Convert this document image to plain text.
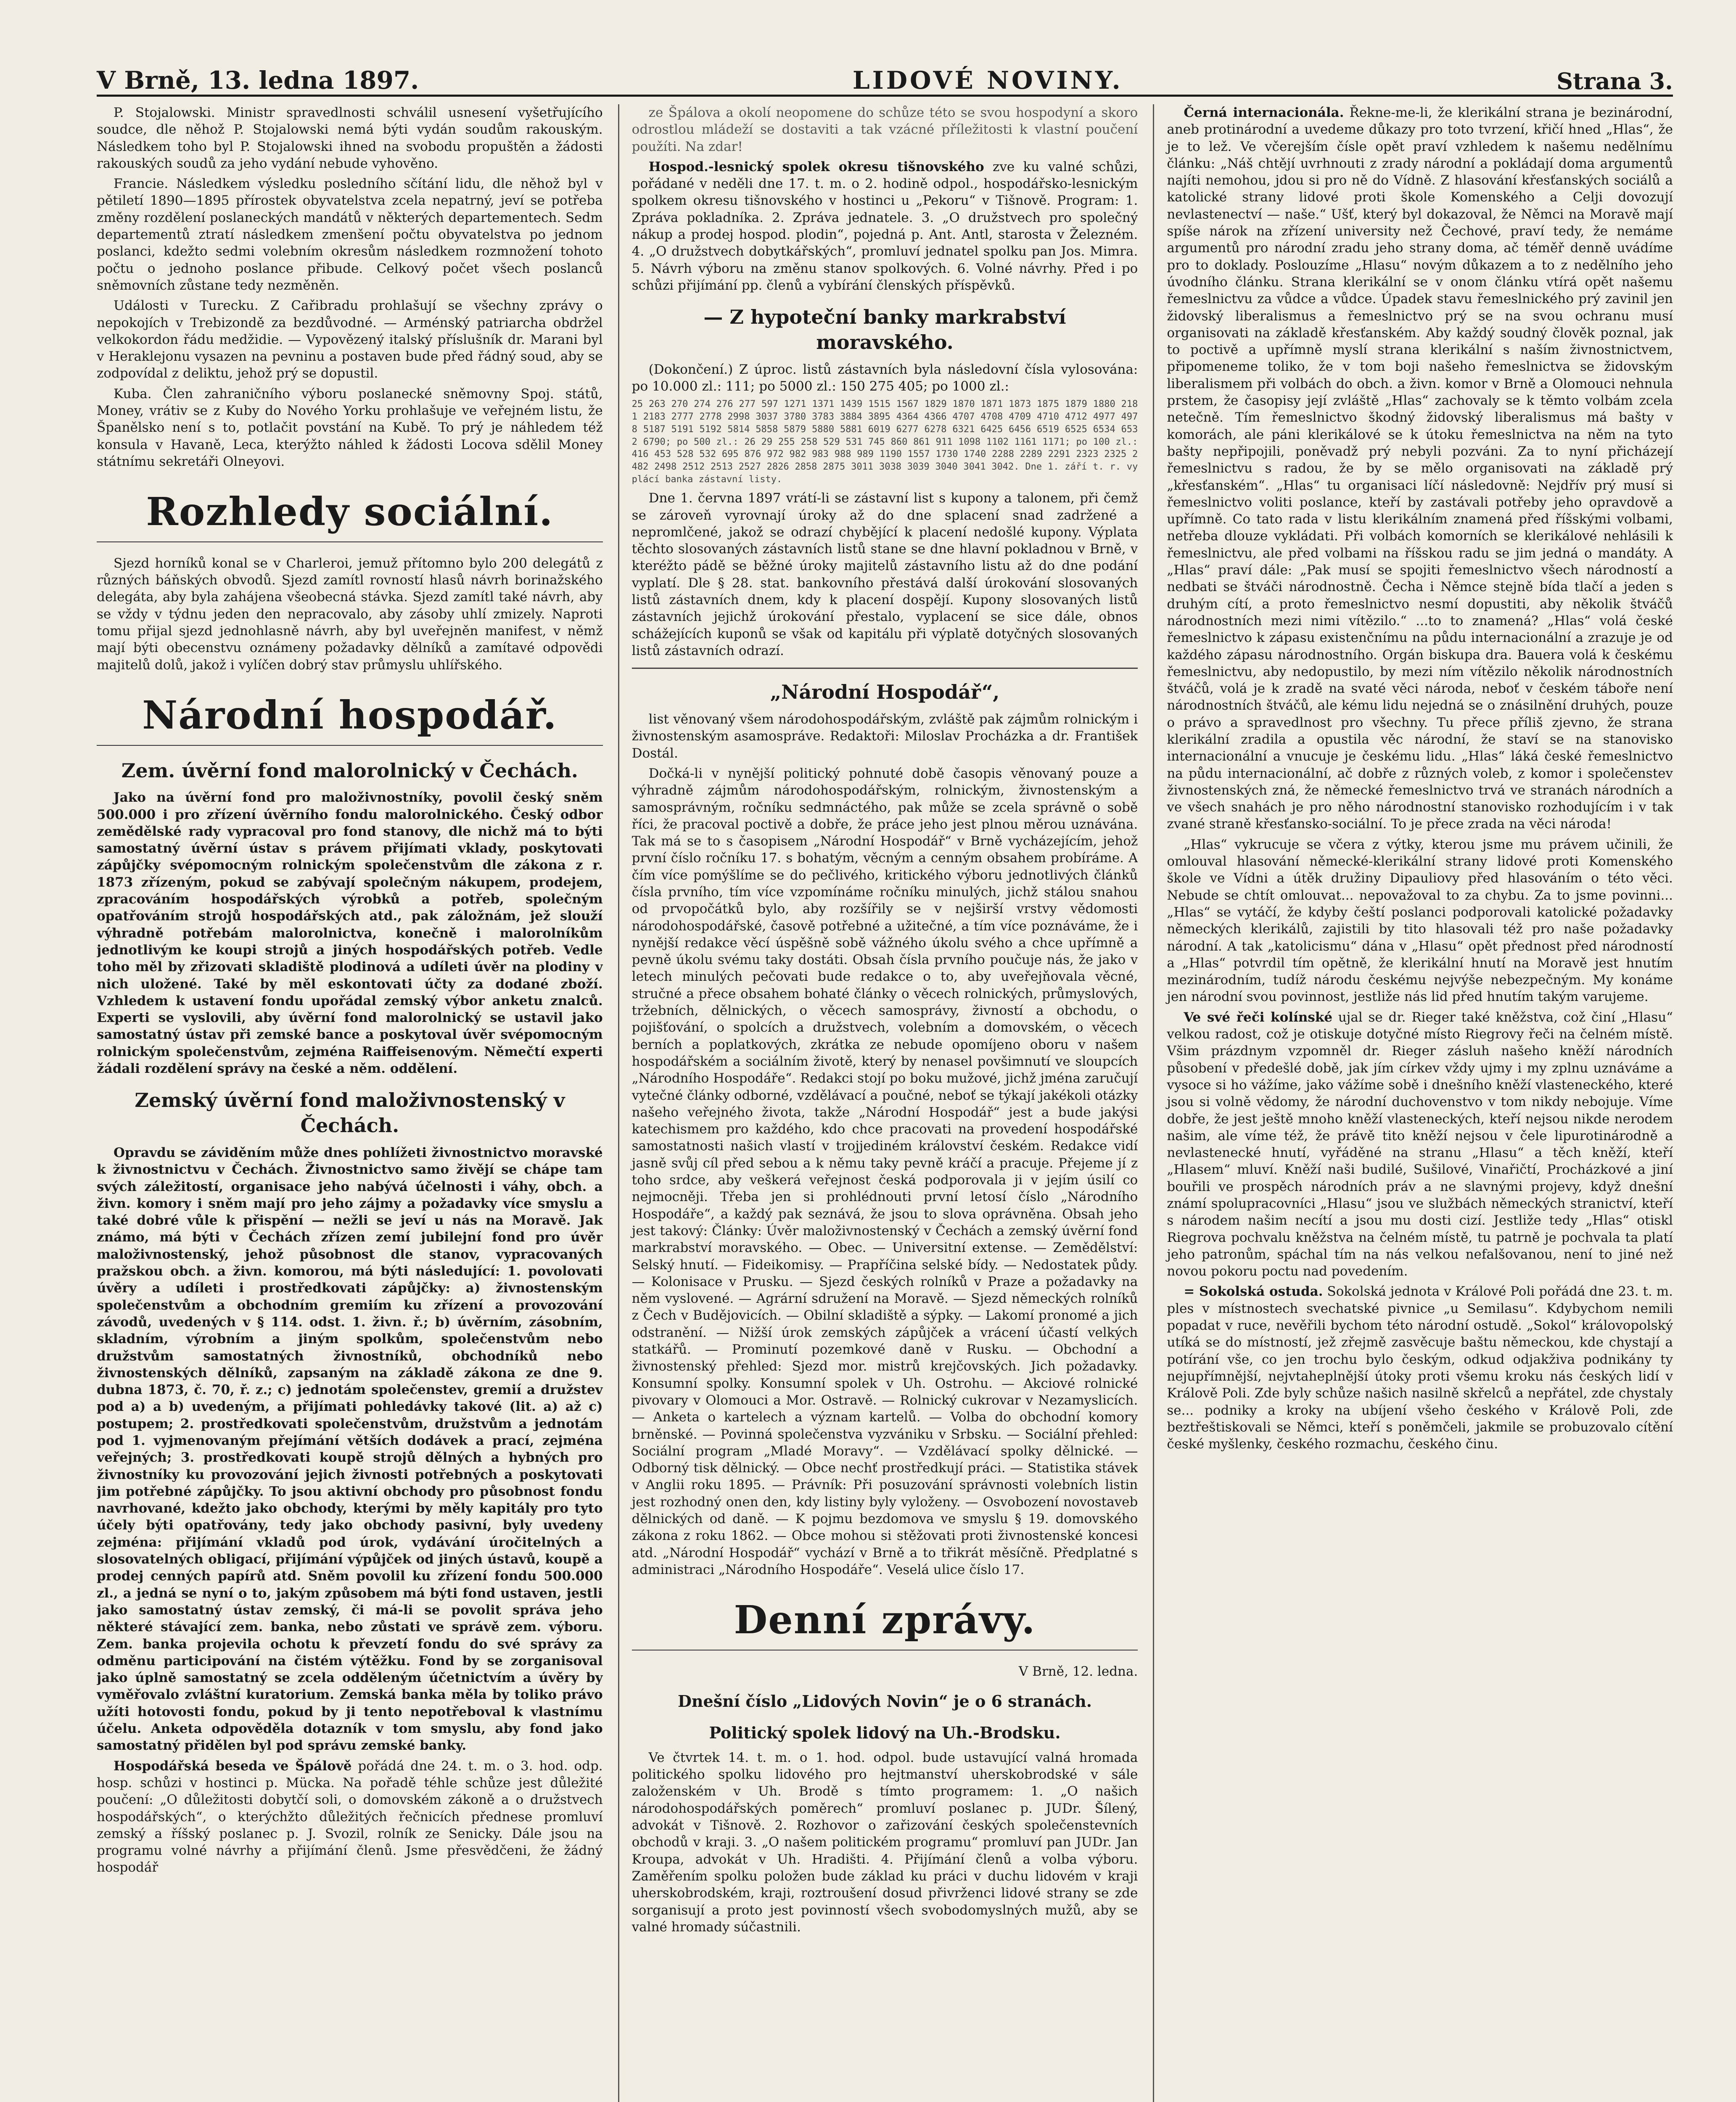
V Brně, 13. ledna 1897.	LIDOVÉ NOVINY.	Strana 3.

P. Stojalowski. Ministr spravedlnosti schválil usnesení vyšetřujícího soudce, dle něhož P. Stojalowski nemá býti vydán soudům rakouským. Následkem toho byl P. Stojalowski ihned na svobodu propuštěn a žádosti rakouských soudů za jeho vydání nebude vyhověno.

Francie. Následkem výsledku posledního sčítání lidu, dle něhož byl v pětiletí 1890—1895 přírostek obyvatelstva zcela nepatrný, jeví se potřeba změny rozdělení poslaneckých mandátů v některých departementech. Sedm departementů ztratí následkem zmenšení počtu obyvatelstva po jednom poslanci, kdežto sedmi volebním okresům následkem rozmnožení tohoto počtu o jednoho poslance přibude. Celkový počet všech poslanců sněmovních zůstane tedy nezměněn.

Události v Turecku. Z Cařibradu prohlašují se všechny zprávy o nepokojích v Trebizondě za bezdůvodné. — Arménský patriarcha obdržel velkokordon řádu medžidie. — Vypovězený italský příslušník dr. Marani byl v Heraklejonu vysazen na pevninu a postaven bude před řádný soud, aby se zodpovídal z deliktu, jehož prý se dopustil.

Kuba. Člen zahraničního výboru poslanecké sněmovny Spoj. států, Money, vrátiv se z Kuby do Nového Yorku prohlašuje ve veřejném listu, že Španělsko není s to, potlačit povstání na Kubě. To prý je náhledem též konsula v Havaně, Leca, kterýžto náhled k žádosti Locova sdělil Money státnímu sekretáři Olneyovi.

Rozhledy sociální.

Sjezd horníků konal se v Charleroi, jemuž přítomno bylo 200 delegátů z různých báňských obvodů. Sjezd zamítl rovností hlasů návrh borinažského delegáta, aby byla zahájena všeobecná stávka. Sjezd zamítl také návrh, aby se vždy v týdnu jeden den nepracovalo, aby zásoby uhlí zmizely. Naproti tomu přijal sjezd jednohlasně návrh, aby byl uveřejněn manifest, v němž mají býti obecenstvu oznámeny požadavky dělníků a zamítavé odpovědi majitelů dolů, jakož i vylíčen dobrý stav průmyslu uhlířského.

Národní hospodář.
Zem. úvěrní fond malorolnický v Čechách.

Jako na úvěrní fond pro maloživnostníky, povolil český sněm 500.000 i pro zřízení úvěrního fondu malorolnického. Český odbor zemědělské rady vypracoval pro fond stanovy, dle nichž má to býti samostatný úvěrní ústav s právem přijímati vklady, poskytovati zápůjčky svépomocným rolnickým společenstvům dle zákona z r. 1873 zřízeným, pokud se zabývají společným nákupem, prodejem, zpracováním hospodářských výrobků a potřeb, společným opatřováním strojů hospodářských atd., pak záložnám, jež slouží výhradně potřebám malorolnictva, konečně i malorolníkům jednotlivým ke koupi strojů a jiných hospodářských potřeb. Vedle toho měl by zřizovati skladiště plodinová a udíleti úvěr na plodiny v nich uložené. Také by měl eskontovati účty za dodané zboží. Vzhledem k ustavení fondu upořádal zemský výbor anketu znalců. Experti se vyslovili, aby úvěrní fond malorolnický se ustavil jako samostatný ústav při zemské bance a poskytoval úvěr svépomocným rolnickým společenstvům, zejména Raiffeisenovým. Němečtí experti žádali rozdělení správy na české a něm. oddělení.

Zemský úvěrní fond maloživnostenský v Čechách.

Opravdu se záviděním může dnes pohlížeti živnostnictvo moravské k živnostnictvu v Čechách. Živnostnictvo samo živějí se chápe tam svých záležitostí, organisace jeho nabývá účelnosti i váhy, obch. a živn. komory i sněm mají pro jeho zájmy a požadavky více smyslu a také dobré vůle k přispění — nežli se jeví u nás na Moravě. Jak známo, má býti v Čechách zřízen zemí jubilejní fond pro úvěr maloživnostenský, jehož působnost dle stanov, vypracovaných pražskou obch. a živn. komorou, má býti následující: 1. povolovati úvěry a udíleti i prostředkovati zápůjčky: a) živnostenským společenstvům a obchodním gremiím ku zřízení a provozování závodů, uvedených v § 114. odst. 1. živn. ř.; b) úvěrním, zásobním, skladním, výrobním a jiným spolkům, společenstvům nebo družstvům samostatných živnostníků, obchodníků nebo živnostenských dělníků, zapsaným na základě zákona ze dne 9. dubna 1873, č. 70, ř. z.; c) jednotám společenstev, gremií a družstev pod a) a b) uvedeným, a přijímati pohledávky takové (lit. a) až c) postupem; 2. prostředkovati společenstvům, družstvům a jednotám pod 1. vyjmenovaným přejímání větších dodávek a prací, zejména veřejných; 3. prostředkovati koupě strojů dělných a hybných pro živnostníky ku provozování jejich živnosti potřebných a poskytovati jim potřebné zápůjčky. To jsou aktivní obchody pro působnost fondu navrhované, kdežto jako obchody, kterými by měly kapitály pro tyto účely býti opatřovány, tedy jako obchody pasivní, byly uvedeny zejména: přijímání vkladů pod úrok, vydávání úročitelných a slosovatelných obligací, přijímání výpůjček od jiných ústavů, koupě a prodej cenných papírů atd. Sněm povolil ku zřízení fondu 500.000 zl., a jedná se nyní o to, jakým způsobem má býti fond ustaven, jestli jako samostatný ústav zemský, či má-li se povolit správa jeho některé stávající zem. banka, nebo zůstati ve správě zem. výboru. Zem. banka projevila ochotu k převzetí fondu do své správy za odměnu participování na čistém výtěžku. Fond by se zorganisoval jako úplně samostatný se zcela odděleným účetnictvím a úvěry by vyměřovalo zvláštní kuratorium. Zemská banka měla by toliko právo užíti hotovosti fondu, pokud by ji tento nepotřeboval k vlastnímu účelu. Anketa odpověděla dotazník v tom smyslu, aby fond jako samostatný přidělen byl pod správu zemské banky.

Hospodářská beseda ve Špálově pořádá dne 24. t. m. o 3. hod. odp. hosp. schůzi v hostinci p. Mücka. Na pořadě téhle schůze jest důležité poučení: „O důležitosti dobytčí soli, o domovském zákoně a o družstvech hospodářských“, o kterýchžto důležitých řečnicích přednese promluví zemský a říšský poslanec p. J. Svozil, rolník ze Senicky. Dále jsou na programu volné návrhy a přijímání členů. Jsme přesvědčeni, že žádný hospodář

ze Špálova a okolí neopomene do schůze této se svou hospodyní a skoro odrostlou mládeží se dostaviti a tak vzácné příležitosti k vlastní poučení použíti. Na zdar!

Hospod.-lesnický spolek okresu tišnovského zve ku valné schůzi, pořádané v neděli dne 17. t. m. o 2. hodině odpol., hospodářsko-lesnickým spolkem okresu tišnovského v hostinci u „Pekoru“ v Tišnově. Program: 1. Zpráva pokladníka. 2. Zpráva jednatele. 3. „O družstvech pro společný nákup a prodej hospod. plodin“, pojedná p. Ant. Antl, starosta v Železném. 4. „O družstvech dobytkářských“, promluví jednatel spolku pan Jos. Mimra. 5. Návrh výboru na změnu stanov spolkových. 6. Volné návrhy. Před i po schůzi přijímání pp. členů a vybírání členských příspěvků.

— Z hypoteční banky markrabství moravského.

(Dokončení.) Z úproc. listů zástavních byla následovní čísla vylosována: po 10.000 zl.: 111; po 5000 zl.: 150 275 405; po 1000 zl.:

25 263 270 274 276 277 597 1271 1371 1439 1515 1567 1829 1870 1871 1873 1875 1879 1880 2181 2183 2777 2778 2998 3037 3780 3783 3884 3895 4364 4366 4707 4708 4709 4710 4712 4977 4978 5187 5191 5192 5814 5858 5879 5880 5881 6019 6277 6278 6321 6425 6456 6519 6525 6534 6532 6790; po 500 zl.: 26 29 255 258 529 531 745 860 861 911 1098 1102 1161 1171; po 100 zl.: 416 453 528 532 695 876 972 982 983 988 989 1190 1557 1730 1740 2288 2289 2291 2323 2325 2482 2498 2512 2513 2527 2826 2858 2875 3011 3038 3039 3040 3041 3042. Dne 1. září t. r. vyplácí banka zástavní listy.

Dne 1. června 1897 vrátí-li se zástavní list s kupony a talonem, při čemž se zároveň vyrovnají úroky až do dne splacení snad zadržené a nepromlčené, jakož se odrazí chybějící k placení nedošlé kupony. Výplata těchto slosovaných zástavních listů stane se dne hlavní pokladnou v Brně, v kteréžto pádě se běžné úroky majitelů zástavního listu až do dne podání vyplatí. Dle § 28. stat. bankovního přestává další úrokování slosovaných listů zástavních dnem, kdy k placení dospějí. Kupony slosovaných listů zástavních jejichž úrokování přestalo, vyplacení se sice dále, obnos schážejících kuponů se však od kapitálu při výplatě dotyčných slosovaných listů zástavních odrazí.

„Národní Hospodář“,

list věnovaný všem národohospodářským, zvláště pak zájmům rolnickým i živnostenským asamospráve. Redaktoři: Miloslav Procházka a dr. František Dostál.

Dočká-li v nynější politický pohnuté době časopis věnovaný pouze a výhradně zájmům národohospodářským, rolnickým, živnostenským a samosprávným, ročníku sedmnáctého, pak může se zcela správně o sobě říci, že pracoval poctivě a dobře, že práce jeho jest plnou měrou uznávána. Tak má se to s časopisem „Národní Hospodář“ v Brně vycházejícím, jehož první číslo ročníku 17. s bohatým, věcným a cenným obsahem probíráme. A čím více pomýšlíme se do pečlivého, kritického výboru jednotlivých článků čísla prvního, tím více vzpomínáme ročníku minulých, jichž stálou snahou od prvopočátků bylo, aby rozšířily se v nejširší vrstvy vědomosti národohospodářské, časově potřebné a užitečné, a tím více poznáváme, že i nynější redakce věcí úspěšně sobě vážného úkolu svého a chce upřímně a pevně úkolu svému taky dostáti. Obsah čísla prvního poučuje nás, že jako v letech minulých pečovati bude redakce o to, aby uveřejňovala věcné, stručné a přece obsahem bohaté články o věcech rolnických, průmyslových, tržebních, dělnických, o věcech samosprávy, živností a obchodu, o pojišťování, o spolcích a družstvech, volebním a domovském, o věcech berních a poplatkových, zkrátka ze nebude opomíjeno oboru v našem hospodářském a sociálním životě, který by nenasel povšimnutí ve sloupcích „Národního Hospodáře“. Redakci stojí po boku mužové, jichž jména zaručují vytečné články odborné, vzdělávací a poučné, neboť se týkají jakékoli otázky našeho veřejného života, takže „Národní Hospodář“ jest a bude jakýsi katechismem pro každého, kdo chce pracovati na provedení hospodářské samostatnosti našich vlastí v trojjediném království českém. Redakce vidí jasně svůj cíl před sebou a k němu taky pevně kráčí a pracuje. Přejeme jí z toho srdce, aby veškerá veřejnost česká podporovala ji v jejím úsilí co nejmocněji. Třeba jen si prohlédnouti první letosí číslo „Národního Hospodáře“, a každý pak seznává, že jsou to slova oprávněna. Obsah jeho jest takový: Články: Úvěr maloživnostenský v Čechách a zemský úvěrní fond markrabství moravského. — Obec. — Universitní extense. — Zemědělství: Selský hnutí. — Fideikomisy. — Prapříčina selské bídy. — Nedostatek půdy. — Kolonisace v Prusku. — Sjezd českých rolníků v Praze a požadavky na něm vyslovené. — Agrární sdružení na Moravě. — Sjezd německých rolníků z Čech v Budějovicích. — Obilní skladiště a sýpky. — Lakomí pronomé a jich odstranění. — Nižší úrok zemských zápůjček a vrácení účastí velkých statkářů. — Prominutí pozemkové daně v Rusku. — Obchodní a živnostenský přehled: Sjezd mor. mistrů krejčovských. Jich požadavky. Konsumní spolky. Konsumní spolek v Uh. Ostrohu. — Akciové rolnické pivovary v Olomouci a Mor. Ostravě. — Rolnický cukrovar v Nezamyslicích. — Anketa o kartelech a význam kartelů. — Volba do obchodní komory brněnské. — Povinná společenstva vyzvániku v Srbsku. — Sociální přehled: Sociální program „Mladé Moravy“. — Vzdělávací spolky dělnické. — Odborný tisk dělnický. — Obce nechť prostředkují práci. — Statistika stávek v Anglii roku 1895. — Právník: Při posuzování správnosti volebních listin jest rozhodný onen den, kdy listiny byly vyloženy. — Osvobození novostaveb dělnických od daně. — K pojmu bezdomova ve smyslu § 19. domovského zákona z roku 1862. — Obce mohou si stěžovati proti živnostenské koncesi atd. „Národní Hospodář“ vychází v Brně a to třikrát měsíčně. Předplatné s administraci „Národního Hospodáře“. Veselá ulice číslo 17.

Denní zprávy.

V Brně, 12. ledna.

Dnešní číslo „Lidových Novin“ je o 6 stranách.
Politický spolek lidový na Uh.-Brodsku.

Ve čtvrtek 14. t. m. o 1. hod. odpol. bude ustavující valná hromada politického spolku lidového pro hejtmanství uherskobrodské v sále založenském v Uh. Brodě s tímto programem: 1. „O našich národohospodářských poměrech“ promluví poslanec p. JUDr. Šílený, advokát v Tišnově. 2. Rozhovor o zařizování českých společenstevních obchodů v kraji. 3. „O našem politickém programu“ promluví pan JUDr. Jan Kroupa, advokát v Uh. Hradišti. 4. Přijímání členů a volba výboru. Zaměřením spolku položen bude základ ku práci v duchu lidovém v kraji uherskobrodském, kraji, roztroušení dosud přivrženci lidové strany se zde sorganisují a proto jest povinností všech svobodomyslných mužů, aby se valné hromady súčastnili.

Černá internacionála. Řekne-me-li, že klerikální strana je bezinárodní, aneb protinárodní a uvedeme důkazy pro toto tvrzení, křičí hned „Hlas“, že je to lež. Ve včerejším čísle opět praví vzhledem k našemu nedělnímu článku: „Náš chtějí uvrhnouti z zrady národní a pokládají doma argumentů najíti nemohou, jdou si pro ně do Vídně. Z hlasování křesťanských sociálů a katolické strany lidové proti škole Komenského a Celji dovozují nevlastenectví — naše.“ Ušť, který byl dokazoval, že Němci na Moravě mají spíše nárok na zřízení university než Čechové, praví tedy, že nemáme argumentů pro národní zradu jeho strany doma, ač téměř denně uvádíme pro to doklady. Poslouzíme „Hlasu“ novým důkazem a to z nedělního jeho úvodního článku. Strana klerikální se v onom článku vtírá opět našemu řemeslnictvu za vůdce a vůdce. Úpadek stavu řemeslnického prý zavinil jen židovský liberalismus a řemeslnictvo prý se na svou ochranu musí organisovati na základě křesťanském. Aby každý soudný člověk poznal, jak to poctivě a upřímně myslí strana klerikální s naším živnostnictvem, připomeneme toliko, že v tom boji našeho řemeslnictva se židovským liberalismem při volbách do obch. a živn. komor v Brně a Olomouci nehnula prstem, že časopisy její zvláště „Hlas“ zachovaly se k těmto volbám zcela netečně. Tím řemeslnictvo škodný židovský liberalismus má bašty v komorách, ale páni klerikálové se k útoku řemeslnictva na něm na tyto bašty nepřipojili, poněvadž prý nebyli pozváni. Za to nyní přicházejí řemeslnictvu s radou, že by se mělo organisovati na základě prý „křesťanském“. „Hlas“ tu organisaci líčí následovně: Nejdřív prý musí si řemeslnictvo voliti poslance, kteří by zastávali potřeby jeho opravdově a upřímně. Co tato rada v listu klerikálním znamená před říšskými volbami, netřeba dlouze vykládati. Při volbách komorních se klerikálové nehlásili k řemeslnictvu, ale před volbami na říšskou radu se jim jedná o mandáty. A „Hlas“ praví dále: „Pak musí se spojiti řemeslnictvo všech národností a nedbati se štváči národnostně. Čecha i Němce stejně bída tlačí a jeden s druhým cítí, a proto řemeslnictvo nesmí dopustiti, aby několik štváčů národnostních mezi nimi vítězilo.“ ...to to znamená? „Hlas“ volá české řemeslnictvo k zápasu existenčnímu na půdu internacionální a zrazuje je od každého zápasu národnostního. Orgán biskupa dra. Bauera volá k českému řemeslnictvu, aby nedopustilo, by mezi ním vítězilo několik národnostních štváčů, volá je k zradě na svaté věci národa, neboť v českém táboře není národnostních štváčů, ale kému lidu nejedná se o znásilnění druhých, pouze o právo a spravedlnost pro všechny. Tu přece příliš zjevno, že strana klerikální zradila a opustila věc národní, že staví se na stanovisko internacionální a vnucuje je českému lidu. „Hlas“ láká české řemeslnictvo na půdu internacionální, ač dobře z různých voleb, z komor i společenstev živnostenských zná, že německé řemeslnictvo trvá ve stranách národních a ve všech snahách je pro něho národnostní stanovisko rozhodujícím i v tak zvané straně křesťansko-sociální. To je přece zrada na věci národa!

„Hlas“ vykrucuje se včera z výtky, kterou jsme mu právem učinili, že omlouval hlasování německé-klerikální strany lidové proti Komenského škole ve Vídni a útěk družiny Dipauliovy před hlasováním o této věci. Nebude se chtít omlouvat... nepovažoval to za chybu. Za to jsme povinni... „Hlas“ se vytáčí, že kdyby čeští poslanci podporovali katolické požadavky německých klerikálů, zajistili by tito hlasovali též pro naše požadavky národní. A tak „katolicismu“ dána v „Hlasu“ opět přednost před národností a „Hlas“ potvrdil tím opětně, že klerikální hnutí na Moravě jest hnutím mezinárodním, tudíž národu českému nejvýše nebezpečným. My konáme jen národní svou povinnost, jestliže nás lid před hnutím takým varujeme.

Ve své řeči kolínské ujal se dr. Rieger také kněžstva, což činí „Hlasu“ velkou radost, což je otiskuje dotyčné místo Riegrovy řeči na čelném místě. Všim prázdnym vzpomněl dr. Rieger zásluh našeho kněží národních působení v předešlé době, jak jím církev vždy ujmy i my zplnu uznáváme a vysoce si ho vážíme, jako vážíme sobě i dnešního kněží vlasteneckého, které jsou si volně vědomy, že národní duchovenstvo v tom nikdy nebojuje. Víme dobře, že jest ještě mnoho kněží vlasteneckých, kteří nejsou nikde nerodem našim, ale víme též, že právě tito kněží nejsou v čele lipurotinárodně a nevlastenecké hnutí, vyřáděné na stranu „Hlasu“ a těch kněží, kteří „Hlasem“ mluví. Kněží naši budilé, Sušilové, Vinařičtí, Procházkové a jiní bouřili ve prospěch národních práv a ne slavnými projevy, když dnešní známí spolupracovníci „Hlasu“ jsou ve službách německých stranictví, kteří s národem našim necítí a jsou mu dosti cizí. Jestliže tedy „Hlas“ otiskl Riegrova pochvalu kněžstva na čelném místě, tu patrně je pochvala ta platí jeho patronům, spáchal tím na nás velkou nefalšovanou, není to jiné než novou pokoru poctu nad povedením.

= Sokolská ostuda. Sokolská jednota v Králové Poli pořádá dne 23. t. m. ples v místnostech svechatské pivnice „u Semilasu“. Kdybychom nemili popadat v ruce, nevěřili bychom této národní ostudě. „Sokol“ královopolský utíká se do místností, jež zřejmě zasvěcuje baštu německou, kde chystají a potírání vše, co jen trochu bylo českým, odkud odjakživa podnikány ty nejupřímnější, nejvtaheplnější útoky proti všemu kroku nás českých lidí v Králově Poli. Zde byly schůze našich nasilně skřelců a nepřátel, zde chystaly se... podniky a kroky na ubíjení všeho českého v Králově Poli, zde beztřeštiskovali se Němci, kteří s poněmčeli, jakmile se probuzovalo cítění české myšlenky, českého rozmachu, českého činu.
